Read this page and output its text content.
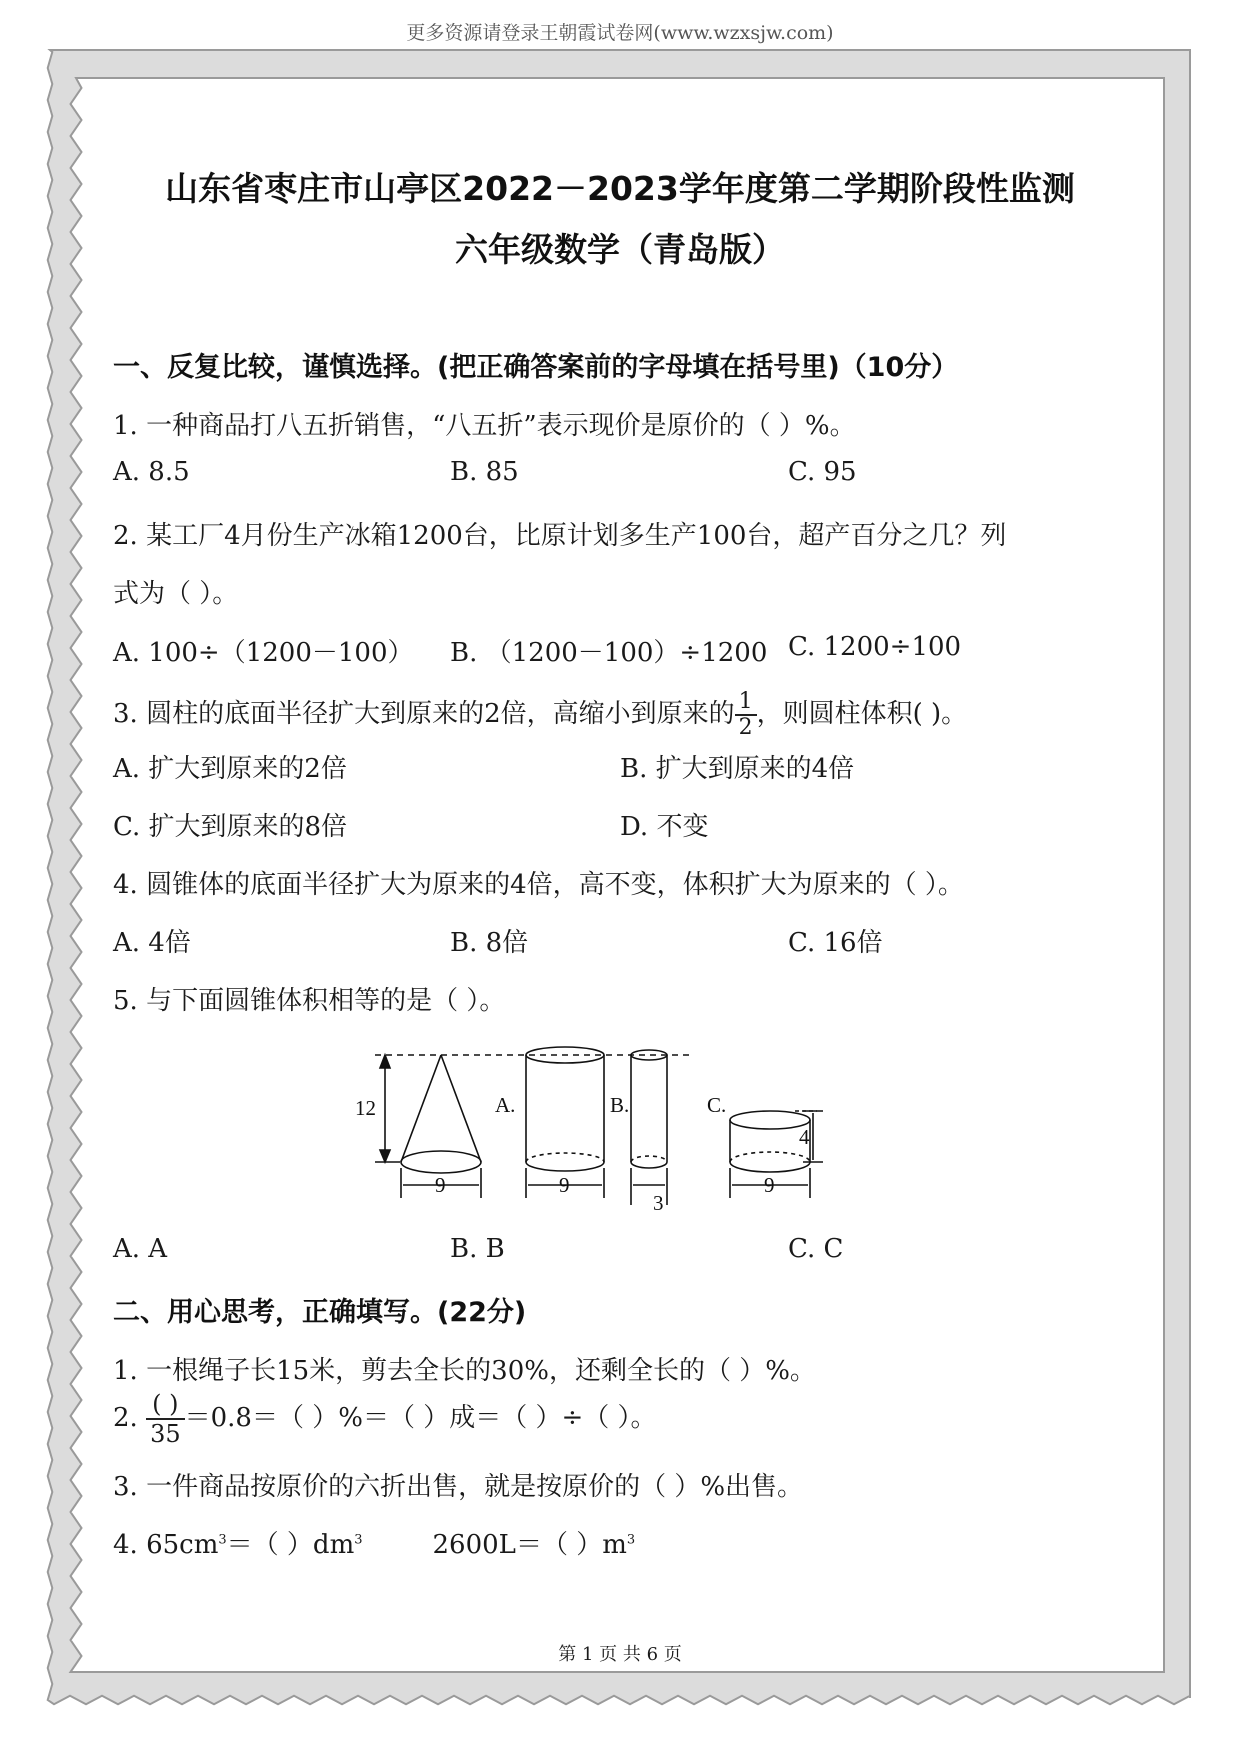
更多资源请登录王朝霞试卷网(www.wzxsjw.com)
山东省枣庄市山亭区2022－2023学年度第二学期阶段性监测
六年级数学（青岛版）
一、反复比较，谨慎选择。(把正确答案前的字母填在括号里)（10分）
1. 一种商品打八五折销售，“八五折”表示现价是原价的（ ）%。
A. 8.5	B. 85	C. 95
2. 某工厂4月份生产冰箱1200台，比原计划多生产100台，超产百分之几？列
式为（ ）。
A. 100÷（1200－100） B. （1200－100）÷1200 C. 1200÷100
3. 圆柱的底面半径扩大到原来的2倍，高缩小到原来的 $\frac{1}{2}$ ，则圆柱体积( )。
A. 扩大到原来的2倍	B. 扩大到原来的4倍
C. 扩大到原来的8倍	D. 不变
4. 圆锥体的底面半径扩大为原来的4倍，高不变，体积扩大为原来的（ ）。
A. 4倍	B. 8倍	C. 16倍
5. 与下面圆锥体积相等的是（ ）。
12
9
A.
9
B.
3
C.
9
4
A. A	B. B	C. C
二、用心思考，正确填写。(22分)
1. 一根绳子长15米，剪去全长的30%，还剩全长的（ ）%。
2. $\frac{( )}{35} =0.8=$（ ）%＝（ ）成＝（ ）÷（ ）。
3. 一件商品按原价的六折出售，就是按原价的（ ）%出售。
4. $65cm^3=$（ ）$dm^3$	2600L＝（ ）$m^3$
第 1 页 共 6 页
